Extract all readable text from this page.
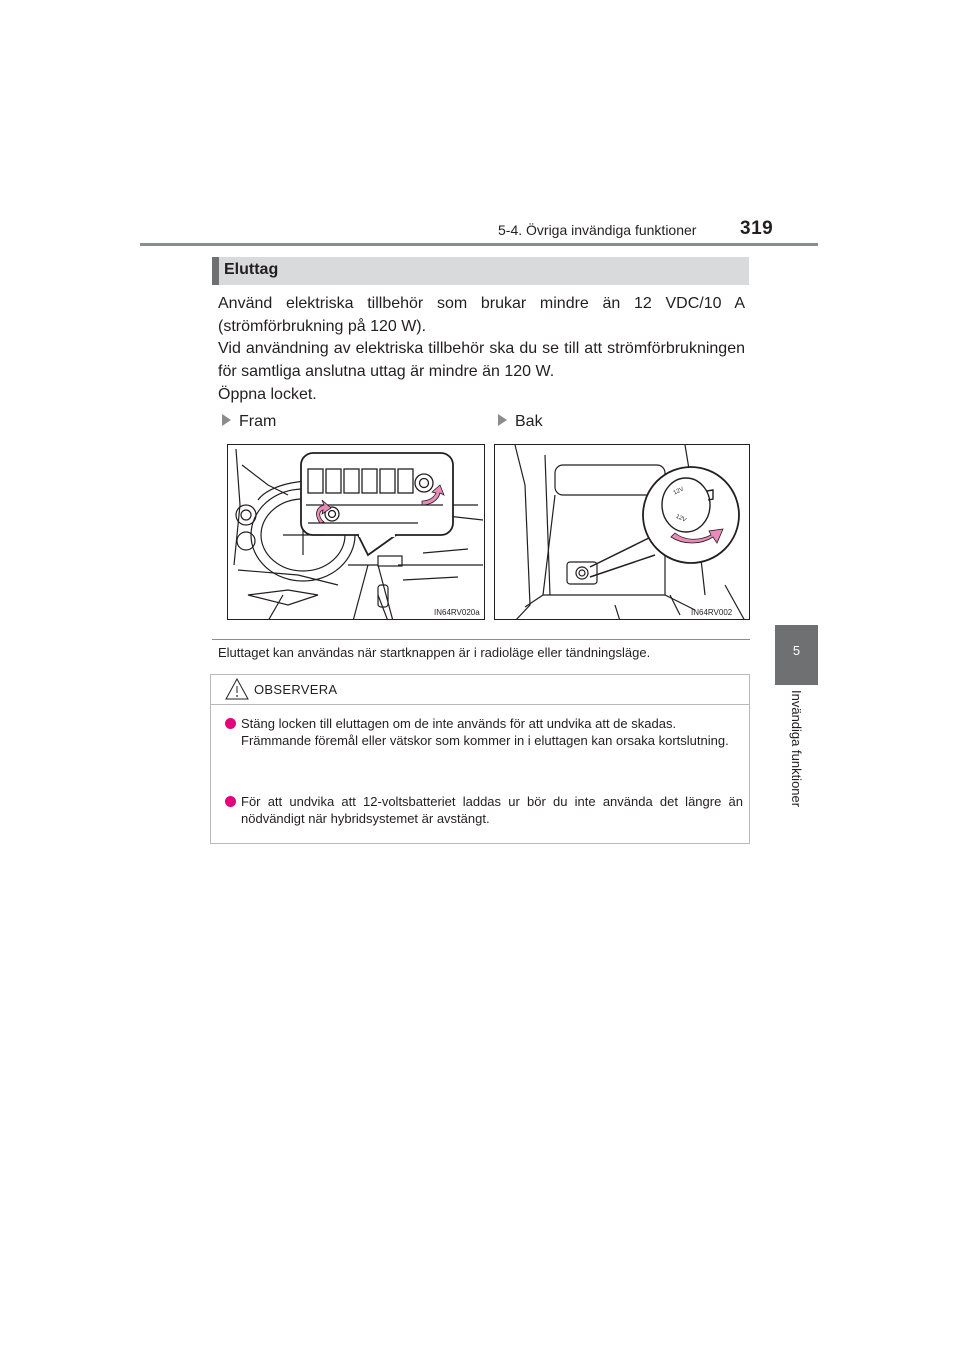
5-4. Övriga invändiga funktioner 319
5
Invändiga funktioner
Eluttag
Använd elektriska tillbehör som brukar mindre än 12 VDC/10 A (strömförbrukning på 120 W).
Vid användning av elektriska tillbehör ska du se till att strömförbrukningen för samtliga anslutna uttag är mindre än 120 W.
Öppna locket.
Fram	Bak
IN64RV020a
12V
12V
IN64RV002
Eluttaget kan användas när startknappen är i radioläge eller tändningsläge.
OBSERVERA
Stäng locken till eluttagen om de inte används för att undvika att de skadas.
Främmande föremål eller vätskor som kommer in i eluttagen kan orsaka kortslutning.
För att undvika att 12-voltsbatteriet laddas ur bör du inte använda det längre än nödvändigt när hybridsystemet är avstängt.
